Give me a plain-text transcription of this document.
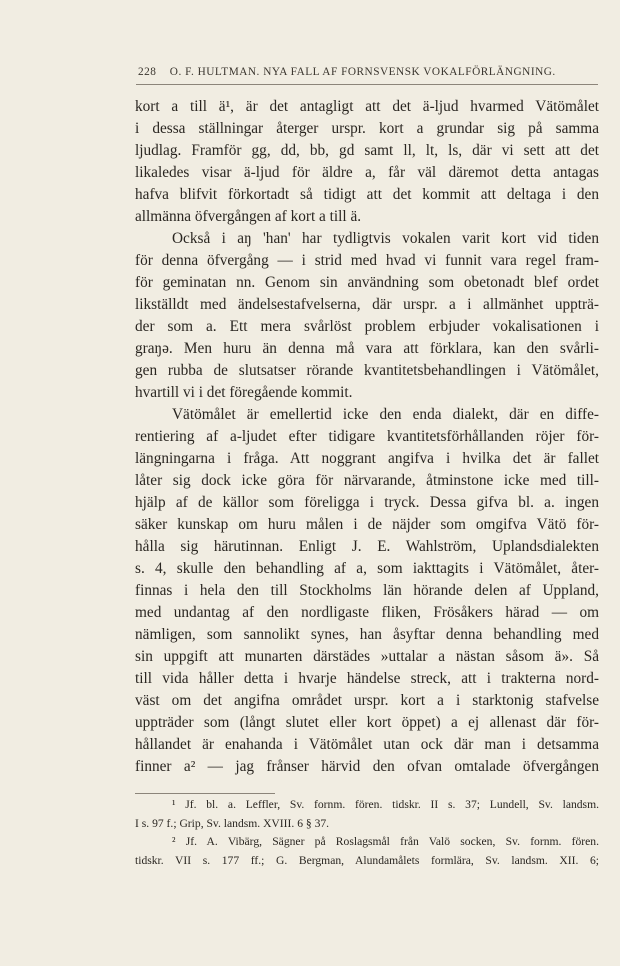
228 O. F. HULTMAN. NYA FALL AF FORNSVENSK VOKALFÖRLÄNGNING.
kort a till ä¹, är det antagligt att det ä-ljud hvarmed Vätömålet
i dessa ställningar återger urspr. kort a grundar sig på samma
ljudlag. Framför gg, dd, bb, gd samt ll, lt, ls, där vi sett att det
likaledes visar ä-ljud för äldre a, får väl däremot detta antagas
hafva blifvit förkortadt så tidigt att det kommit att deltaga i den
allmänna öfvergången af kort a till ä.
Också i aŋ 'han' har tydligtvis vokalen varit kort vid tiden
för denna öfvergång — i strid med hvad vi funnit vara regel fram-
för geminatan nn. Genom sin användning som obetonadt blef ordet
likställdt med ändelsestafvelserna, där urspr. a i allmänhet uppträ-
der som a. Ett mera svårlöst problem erbjuder vokalisationen i
graŋə. Men huru än denna må vara att förklara, kan den svårli-
gen rubba de slutsatser rörande kvantitetsbehandlingen i Vätömålet,
hvartill vi i det föregående kommit.
Vätömålet är emellertid icke den enda dialekt, där en diffe-
rentiering af a-ljudet efter tidigare kvantitetsförhållanden röjer för-
längningarna i fråga. Att noggrant angifva i hvilka det är fallet
låter sig dock icke göra för närvarande, åtminstone icke med till-
hjälp af de källor som föreligga i tryck. Dessa gifva bl. a. ingen
säker kunskap om huru målen i de näjder som omgifva Vätö för-
hålla sig härutinnan. Enligt J. E. Wahlström, Uplandsdialekten
s. 4, skulle den behandling af a, som iakttagits i Vätömålet, åter-
finnas i hela den till Stockholms län hörande delen af Uppland,
med undantag af den nordligaste fliken, Frösåkers härad — om
nämligen, som sannolikt synes, han åsyftar denna behandling med
sin uppgift att munarten därstädes »uttalar a nästan såsom ä». Så
till vida håller detta i hvarje händelse streck, att i trakterna nord-
väst om det angifna området urspr. kort a i starktonig stafvelse
uppträder som (långt slutet eller kort öppet) a ej allenast där för-
hållandet är enahanda i Vätömålet utan ock där man i detsamma
finner a² — jag frånser härvid den ofvan omtalade öfvergången
¹ Jf. bl. a. Leffler, Sv. fornm. fören. tidskr. II s. 37; Lundell, Sv. landsm.
I s. 97 f.; Grip, Sv. landsm. XVIII. 6 § 37.
² Jf. A. Vibärg, Sägner på Roslagsmål från Valö socken, Sv. fornm. fören.
tidskr. VII s. 177 ff.; G. Bergman, Alundamålets formlära, Sv. landsm. XII. 6;
